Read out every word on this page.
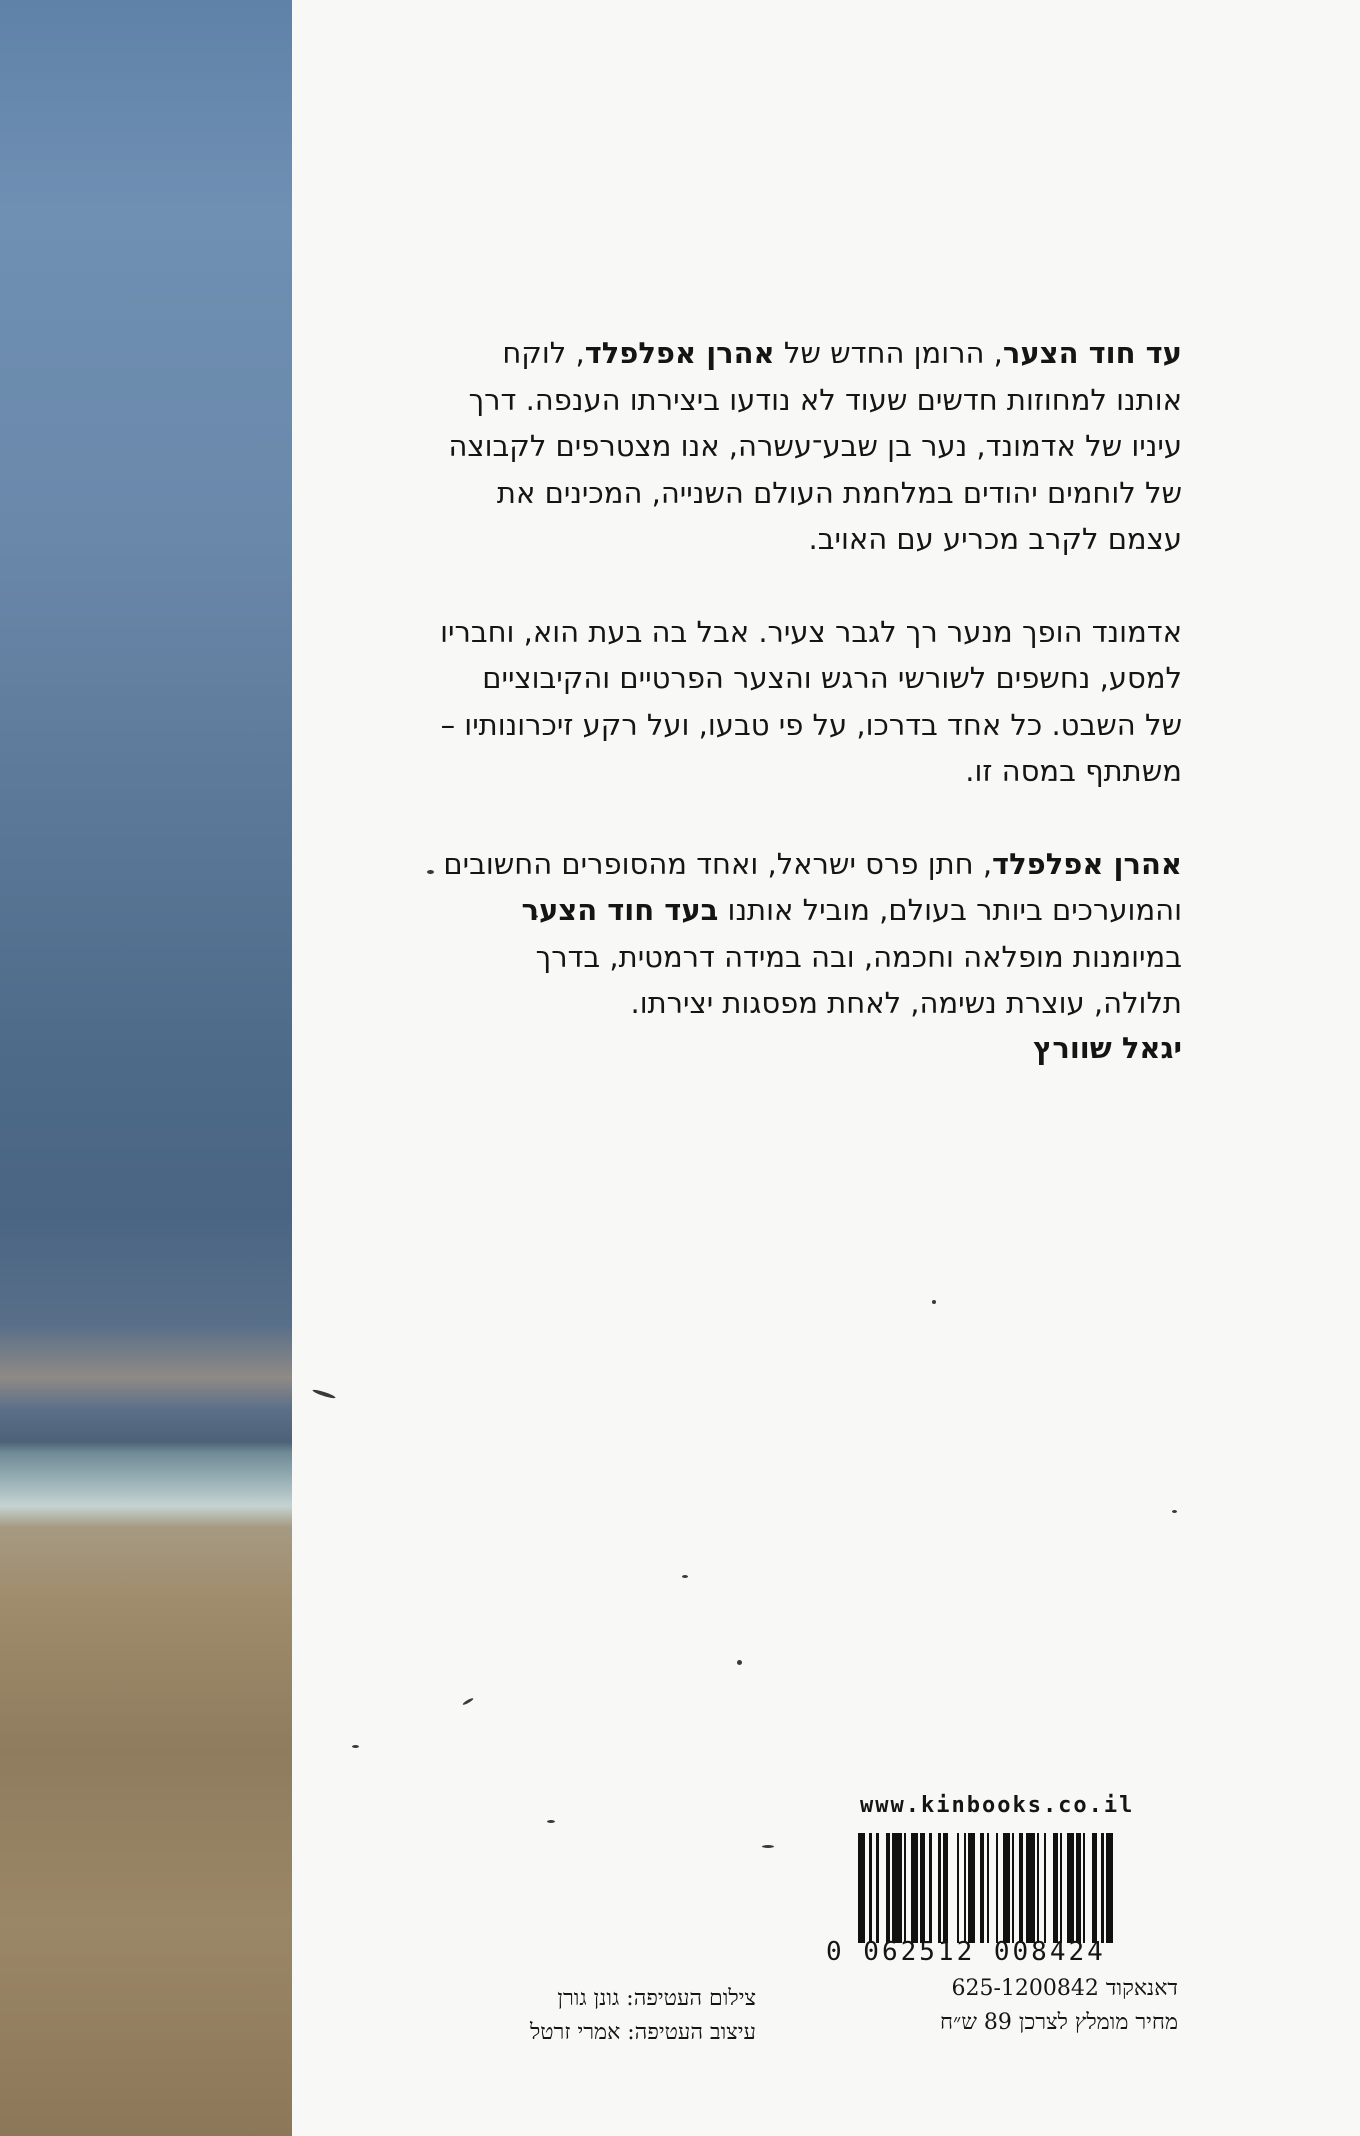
עד חוד הצער, הרומן החדש של אהרן אפלפלד, לוקח אותנו למחוזות חדשים שעוד לא נודעו ביצירתו הענפה. דרך עיניו של אדמונד, נער בן שבע־עשרה, אנו מצטרפים לקבוצה של לוחמים יהודים במלחמת העולם השנייה, המכינים את עצמם לקרב מכריע עם האויב.

אדמונד הופך מנער רך לגבר צעיר. אבל בה בעת הוא, וחבריו למסע, נחשפים לשורשי הרגש והצער הפרטיים והקיבוציים של השבט. כל אחד בדרכו, על פי טבעו, ועל רקע זיכרונותיו – משתתף במסה זו.

אהרן אפלפלד, חתן פרס ישראל, ואחד מהסופרים החשובים והמוערכים ביותר בעולם, מוביל אותנו בעד חוד הצער במיומנות מופלאה וחכמה, ובה במידה דרמטית, בדרך תלולה, עוצרת נשימה, לאחת מפסגות יצירתו.

יגאל שוורץ
www.kinbooks.co.il
0 062512 008424
דאנאקוד 625-1200842
מחיר מומלץ לצרכן 89 ש״ח
צילום העטיפה: גונן גורן
עיצוב העטיפה: אמרי זרטל
